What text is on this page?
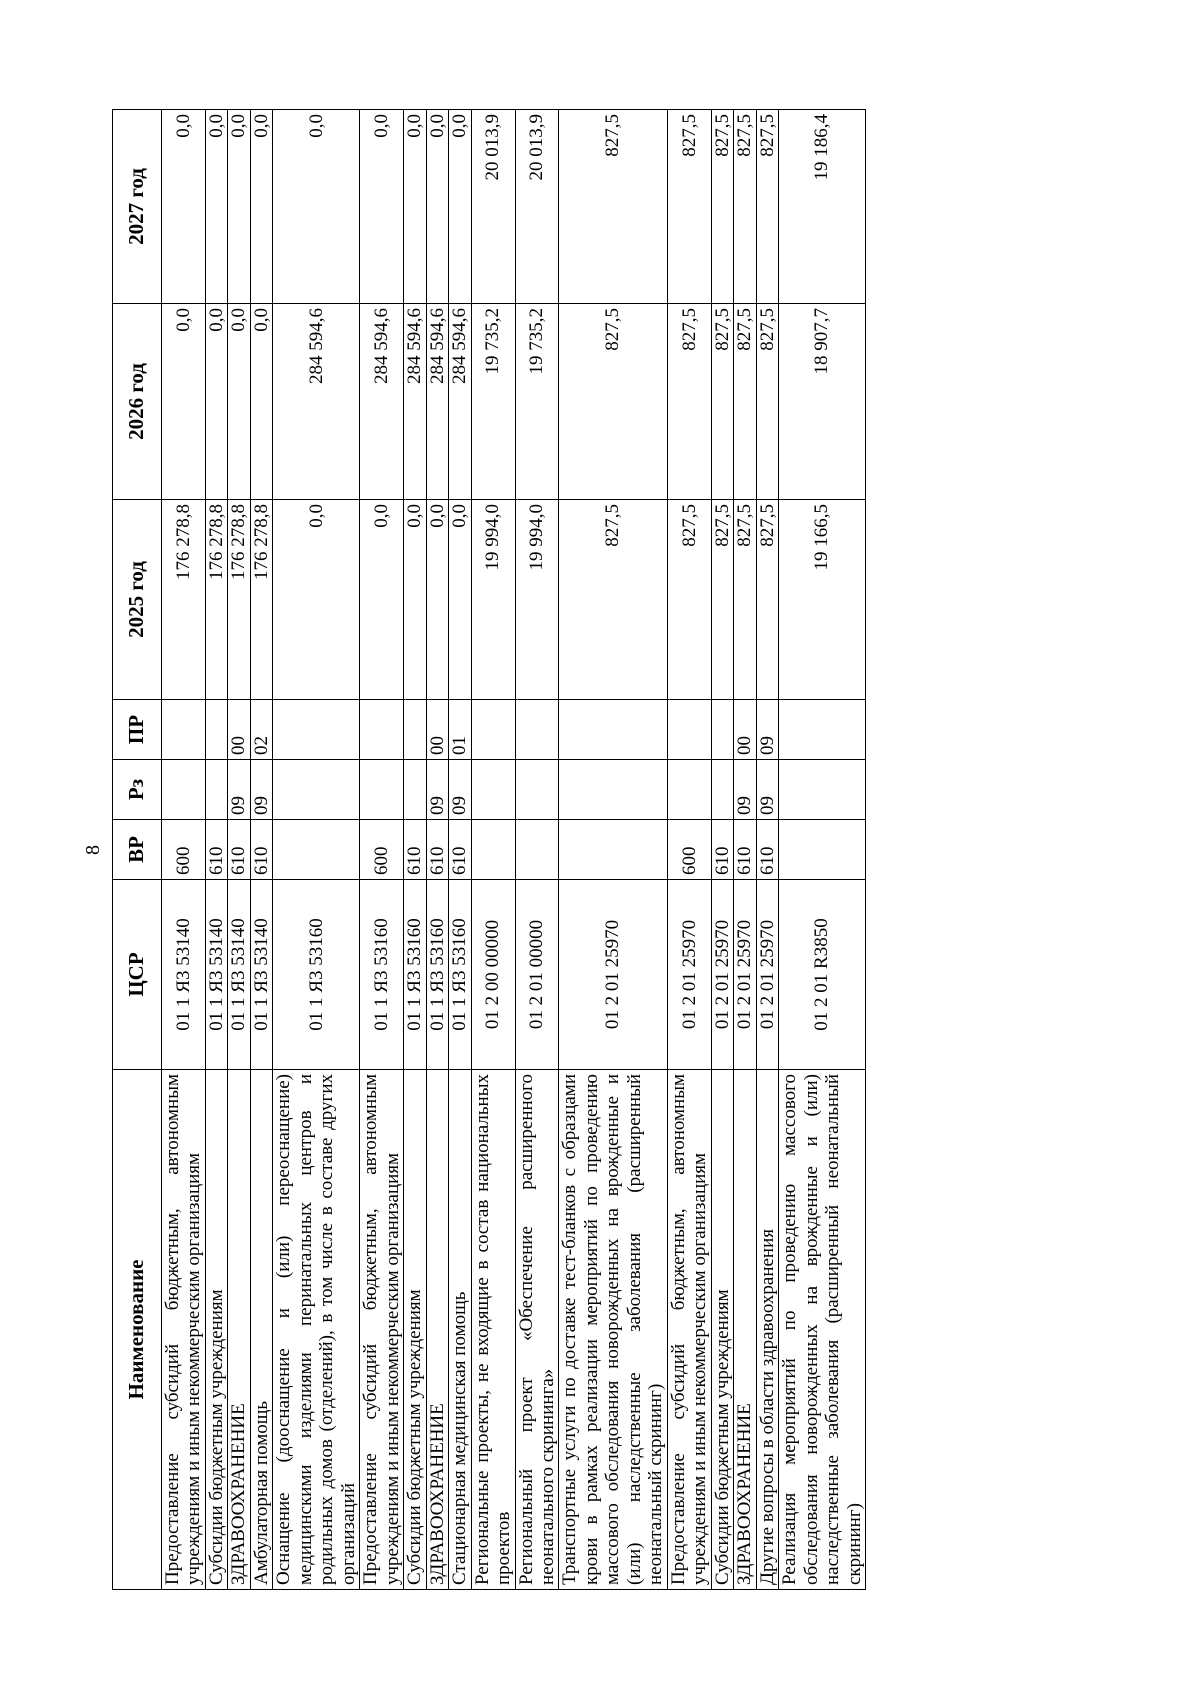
8
Наименование	ЦСР	ВР	Рз	ПР	2025 год	2026 год	2027 год
Предоставление субсидий бюджетным, автономным учреждениям и иным некоммерческим организациям	01 1 Я3 53140	600			176 278,8	0,0	0,0
Субсидии бюджетным учреждениям	01 1 Я3 53140	610			176 278,8	0,0	0,0
ЗДРАВООХРАНЕНИЕ	01 1 Я3 53140	610	09	00	176 278,8	0,0	0,0
Амбулаторная помощь	01 1 Я3 53140	610	09	02	176 278,8	0,0	0,0
Оснащение (дооснащение и (или) переоснащение) медицинскими изделиями перинатальных центров и родильных домов (отделений), в том числе в составе других организаций	01 1 Я3 53160				0,0	284 594,6	0,0
Предоставление субсидий бюджетным, автономным учреждениям и иным некоммерческим организациям	01 1 Я3 53160	600			0,0	284 594,6	0,0
Субсидии бюджетным учреждениям	01 1 Я3 53160	610			0,0	284 594,6	0,0
ЗДРАВООХРАНЕНИЕ	01 1 Я3 53160	610	09	00	0,0	284 594,6	0,0
Стационарная медицинская помощь	01 1 Я3 53160	610	09	01	0,0	284 594,6	0,0
Региональные проекты, не входящие в состав национальных проектов	01 2 00 00000				19 994,0	19 735,2	20 013,9
Региональный проект «Обеспечение расширенного неонатального скрининга»	01 2 01 00000				19 994,0	19 735,2	20 013,9
Транспортные услуги по доставке тест-бланков с образцами крови в рамках реализации мероприятий по проведению массового обследования новорожденных на врожденные и (или) наследственные заболевания (расширенный неонатальный скрининг)	01 2 01 25970				827,5	827,5	827,5
Предоставление субсидий бюджетным, автономным учреждениям и иным некоммерческим организациям	01 2 01 25970	600			827,5	827,5	827,5
Субсидии бюджетным учреждениям	01 2 01 25970	610			827,5	827,5	827,5
ЗДРАВООХРАНЕНИЕ	01 2 01 25970	610	09	00	827,5	827,5	827,5
Другие вопросы в области здравоохранения	01 2 01 25970	610	09	09	827,5	827,5	827,5
Реализация мероприятий по проведению массового обследования новорожденных на врожденные и (или) наследственные заболевания (расширенный неонатальный скрининг)	01 2 01 R3850				19 166,5	18 907,7	19 186,4
